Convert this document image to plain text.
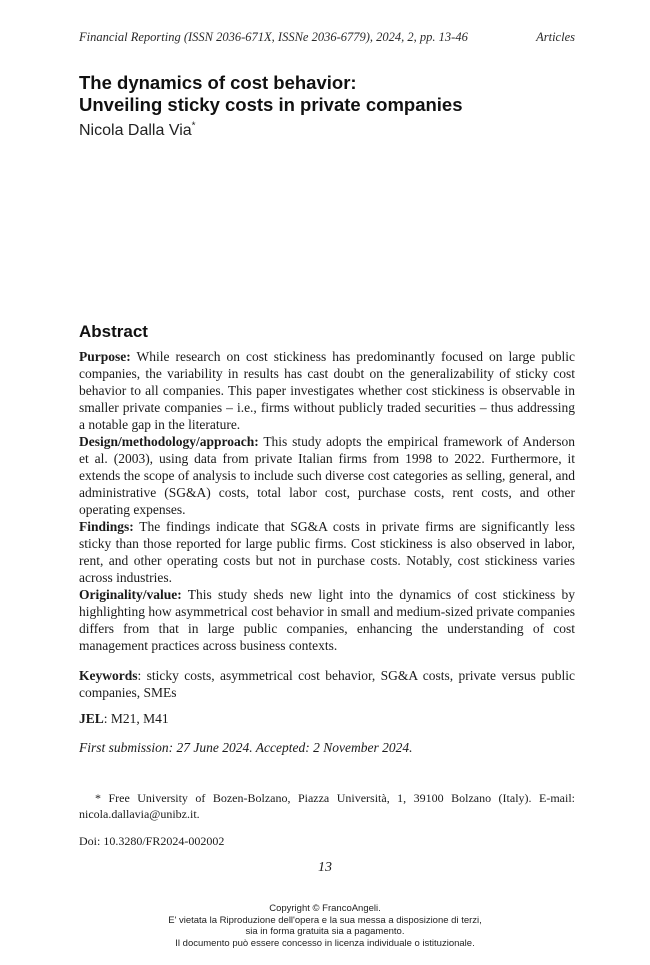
Financial Reporting (ISSN 2036-671X, ISSNe 2036-6779), 2024, 2, pp. 13-46	Articles
The dynamics of cost behavior:
Unveiling sticky costs in private companies
Nicola Dalla Via*
Abstract

Purpose: While research on cost stickiness has predominantly focused on large public companies, the variability in results has cast doubt on the generalizability of sticky cost behavior to all companies. This paper investigates whether cost stickiness is observable in smaller private companies – i.e., firms without publicly traded securities – thus addressing a notable gap in the literature.

Design/methodology/approach: This study adopts the empirical framework of Anderson et al. (2003), using data from private Italian firms from 1998 to 2022. Furthermore, it extends the scope of analysis to include such diverse cost categories as selling, general, and administrative (SG&A) costs, total labor cost, purchase costs, rent costs, and other operating expenses.

Findings: The findings indicate that SG&A costs in private firms are significantly less sticky than those reported for large public firms. Cost stickiness is also observed in labor, rent, and other operating costs but not in purchase costs. Notably, cost stickiness varies across industries.

Originality/value: This study sheds new light into the dynamics of cost stickiness by highlighting how asymmetrical cost behavior in small and medium-sized private companies differs from that in large public companies, enhancing the understanding of cost management practices across business contexts.

Keywords: sticky costs, asymmetrical cost behavior, SG&A costs, private versus public companies, SMEs
JEL: M21, M41
First submission: 27 June 2024. Accepted: 2 November 2024.
* Free University of Bozen-Bolzano, Piazza Università, 1, 39100 Bolzano (Italy). E-mail: nicola.dallavia@unibz.it.
Doi: 10.3280/FR2024-002002
13
Copyright © FrancoAngeli.
E' vietata la Riproduzione dell'opera e la sua messa a disposizione di terzi,
sia in forma gratuita sia a pagamento.
Il documento può essere concesso in licenza individuale o istituzionale.
